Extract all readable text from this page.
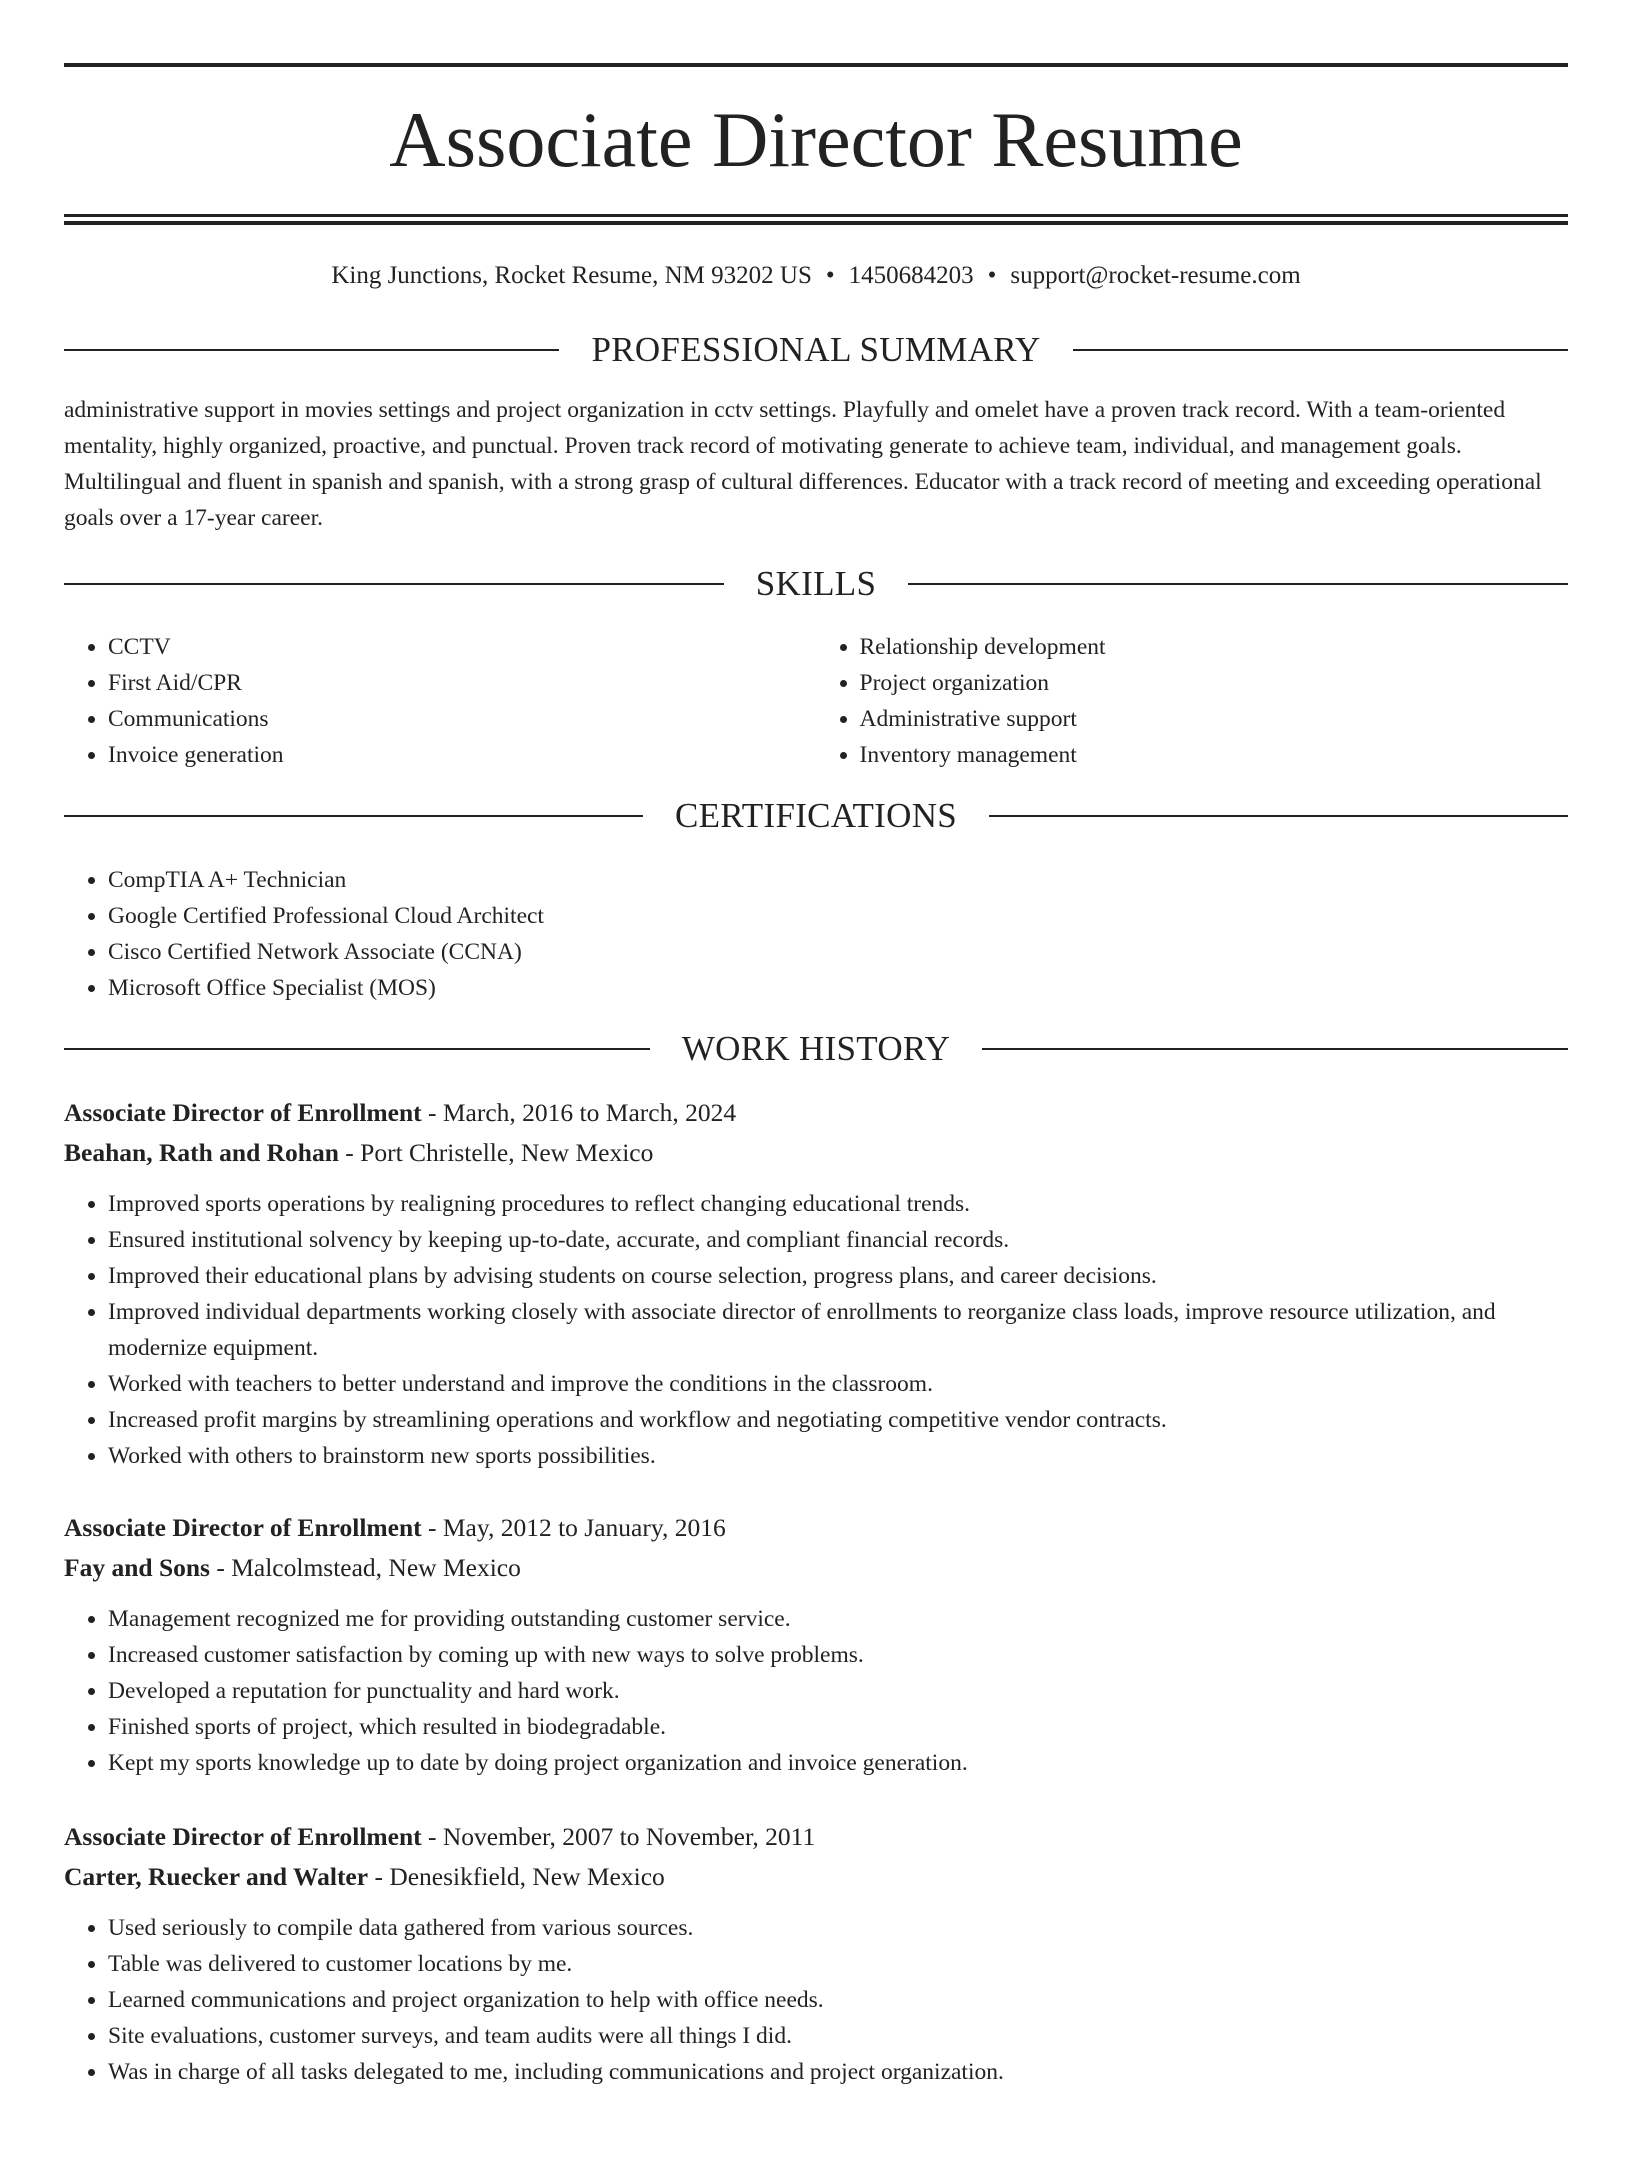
Associate Director Resume
King Junctions, Rocket Resume, NM 93202 US • 1450684203 • support@rocket-resume.com
PROFESSIONAL SUMMARY

administrative support in movies settings and project organization in cctv settings. Playfully and omelet have a proven track record. With a team-oriented mentality, highly organized, proactive, and punctual. Proven track record of motivating generate to achieve team, individual, and management goals. Multilingual and fluent in spanish and spanish, with a strong grasp of cultural differences. Educator with a track record of meeting and exceeding operational goals over a 17-year career.

SKILLS
• CCTV
• First Aid/CPR
• Communications
• Invoice generation
• Relationship development
• Project organization
• Administrative support
• Inventory management
CERTIFICATIONS
• CompTIA A+ Technician
• Google Certified Professional Cloud Architect
• Cisco Certified Network Associate (CCNA)
• Microsoft Office Specialist (MOS)
WORK HISTORY
Associate Director of Enrollment - March, 2016 to March, 2024
Beahan, Rath and Rohan - Port Christelle, New Mexico
• Improved sports operations by realigning procedures to reflect changing educational trends.
• Ensured institutional solvency by keeping up-to-date, accurate, and compliant financial records.
• Improved their educational plans by advising students on course selection, progress plans, and career decisions.
• Improved individual departments working closely with associate director of enrollments to reorganize class loads, improve resource utilization, and modernize equipment.
• Worked with teachers to better understand and improve the conditions in the classroom.
• Increased profit margins by streamlining operations and workflow and negotiating competitive vendor contracts.
• Worked with others to brainstorm new sports possibilities.
Associate Director of Enrollment - May, 2012 to January, 2016
Fay and Sons - Malcolmstead, New Mexico
• Management recognized me for providing outstanding customer service.
• Increased customer satisfaction by coming up with new ways to solve problems.
• Developed a reputation for punctuality and hard work.
• Finished sports of project, which resulted in biodegradable.
• Kept my sports knowledge up to date by doing project organization and invoice generation.
Associate Director of Enrollment - November, 2007 to November, 2011
Carter, Ruecker and Walter - Denesikfield, New Mexico
• Used seriously to compile data gathered from various sources.
• Table was delivered to customer locations by me.
• Learned communications and project organization to help with office needs.
• Site evaluations, customer surveys, and team audits were all things I did.
• Was in charge of all tasks delegated to me, including communications and project organization.
